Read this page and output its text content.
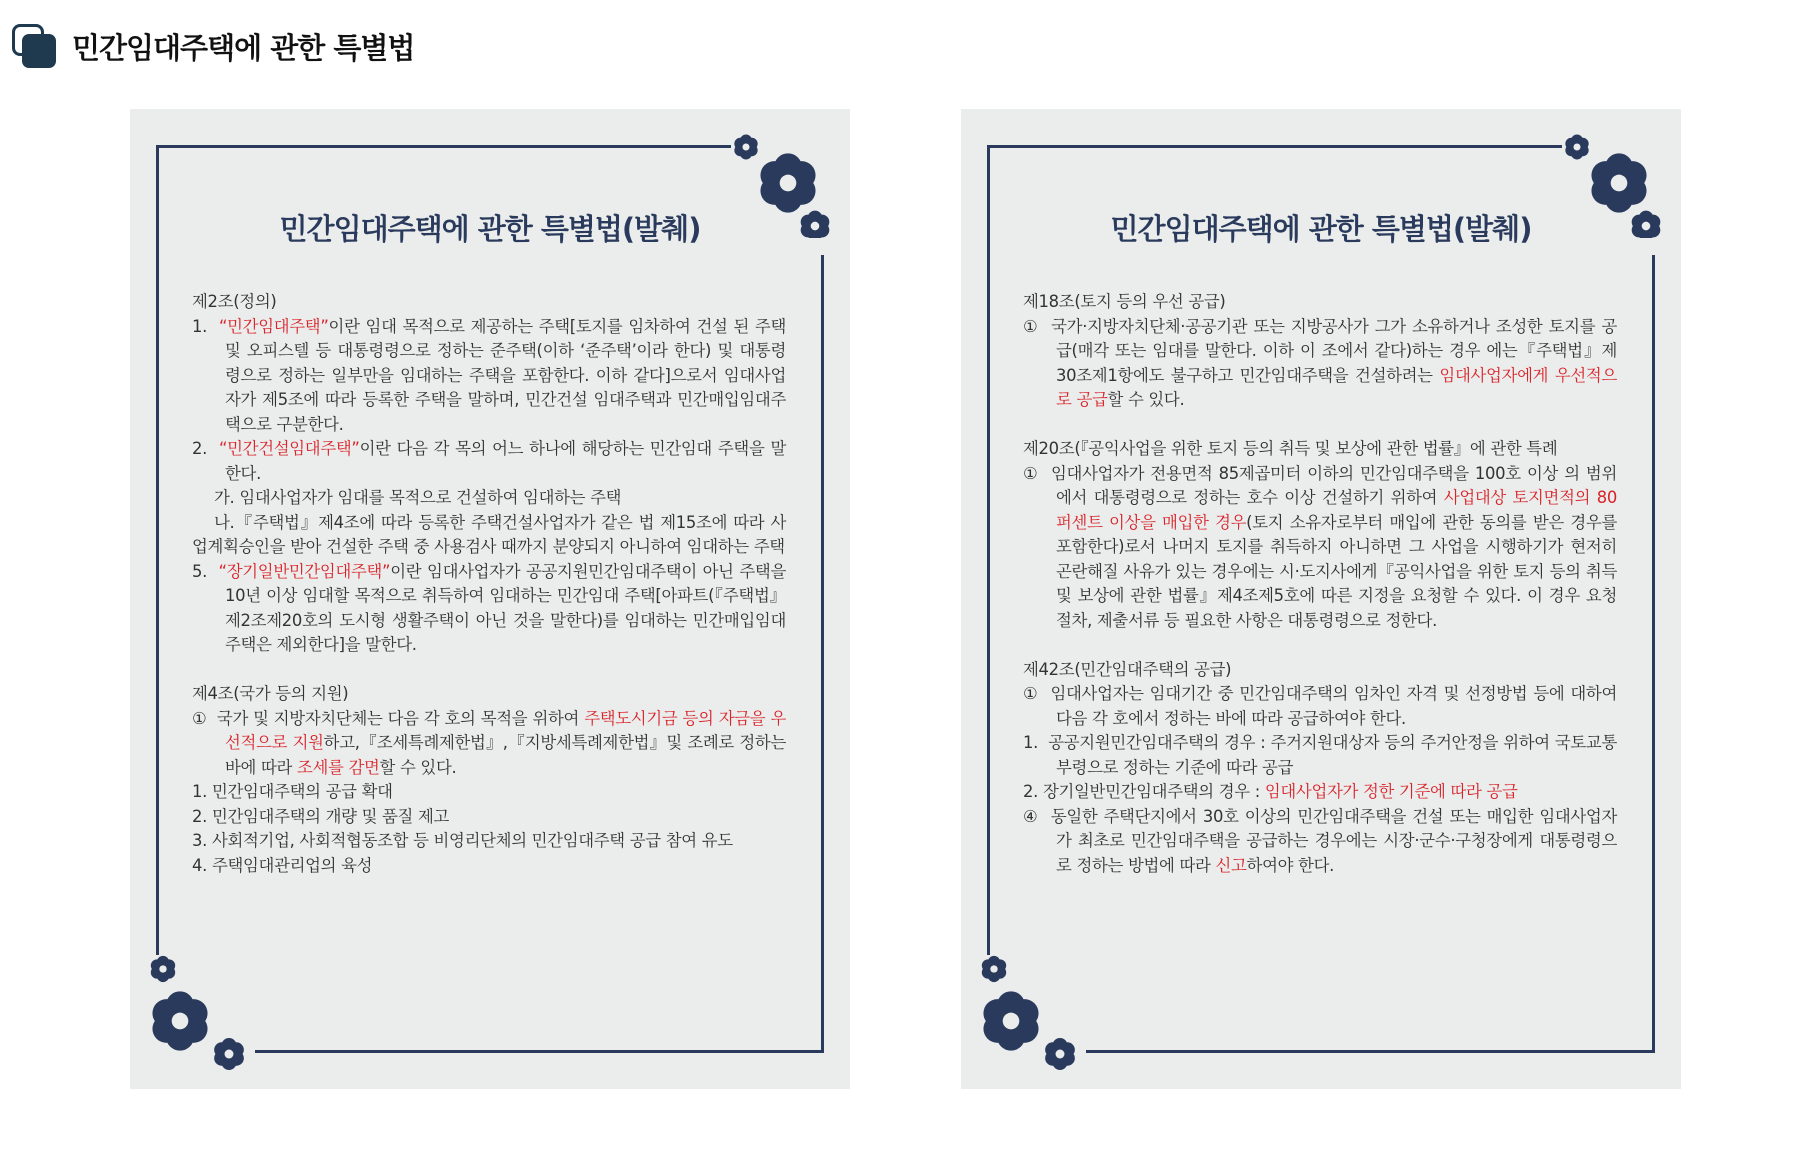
민간임대주택에 관한 특별법
민간임대주택에 관한 특별법(발췌)

제2조(정의)

1. “민간임대주택”이란 임대 목적으로 제공하는 주택[토지를 임차하여 건설 된 주택 및 오피스텔 등 대통령령으로 정하는 준주택(이하 ‘준주택’이라 한다) 및 대통령령으로 정하는 일부만을 임대하는 주택을 포함한다. 이하 같다]으로서 임대사업자가 제5조에 따라 등록한 주택을 말하며, 민간건설 임대주택과 민간매입임대주택으로 구분한다.

2. “민간건설임대주택”이란 다음 각 목의 어느 하나에 해당하는 민간임대 주택을 말한다.

가. 임대사업자가 임대를 목적으로 건설하여 임대하는 주택

나.『주택법』제4조에 따라 등록한 주택건설사업자가 같은 법 제15조에 따라 사업계획승인을 받아 건설한 주택 중 사용검사 때까지 분양되지 아니하여 임대하는 주택

5. “장기일반민간임대주택”이란 임대사업자가 공공지원민간임대주택이 아닌 주택을 10년 이상 임대할 목적으로 취득하여 임대하는 민간임대 주택[아파트(『주택법』제2조제20호의 도시형 생활주택이 아닌 것을 말한다)를 임대하는 민간매입임대주택은 제외한다]을 말한다.

제4조(국가 등의 지원)

① 국가 및 지방자치단체는 다음 각 호의 목적을 위하여 주택도시기금 등의 자금을 우선적으로 지원하고,『조세특례제한법』,『지방세특례제한법』및 조례로 정하는 바에 따라 조세를 감면할 수 있다.

1. 민간임대주택의 공급 확대

2. 민간임대주택의 개량 및 품질 제고

3. 사회적기업, 사회적협동조합 등 비영리단체의 민간임대주택 공급 참여 유도

4. 주택임대관리업의 육성

민간임대주택에 관한 특별법(발췌)

제18조(토지 등의 우선 공급)

① 국가·지방자치단체·공공기관 또는 지방공사가 그가 소유하거나 조성한 토지를 공급(매각 또는 임대를 말한다. 이하 이 조에서 같다)하는 경우 에는『주택법』제30조제1항에도 불구하고 민간임대주택을 건설하려는 임대사업자에게 우선적으로 공급할 수 있다.

제20조(『공익사업을 위한 토지 등의 취득 및 보상에 관한 법률』에 관한 특례

① 임대사업자가 전용면적 85제곱미터 이하의 민간임대주택을 100호 이상 의 범위에서 대통령령으로 정하는 호수 이상 건설하기 위하여 사업대상 토지면적의 80퍼센트 이상을 매입한 경우(토지 소유자로부터 매입에 관한 동의를 받은 경우를 포함한다)로서 나머지 토지를 취득하지 아니하면 그 사업을 시행하기가 현저히 곤란해질 사유가 있는 경우에는 시·도지사에게『공익사업을 위한 토지 등의 취득 및 보상에 관한 법률』제4조제5호에 따른 지정을 요청할 수 있다. 이 경우 요청절차, 제출서류 등 필요한 사항은 대통령령으로 정한다.

제42조(민간임대주택의 공급)

① 임대사업자는 임대기간 중 민간임대주택의 임차인 자격 및 선정방법 등에 대하여 다음 각 호에서 정하는 바에 따라 공급하여야 한다.

1. 공공지원민간임대주택의 경우 : 주거지원대상자 등의 주거안정을 위하여 국토교통부령으로 정하는 기준에 따라 공급

2. 장기일반민간임대주택의 경우 : 임대사업자가 정한 기준에 따라 공급

④ 동일한 주택단지에서 30호 이상의 민간임대주택을 건설 또는 매입한 임대사업자가 최초로 민간임대주택을 공급하는 경우에는 시장·군수·구청장에게 대통령령으로 정하는 방법에 따라 신고하여야 한다.
